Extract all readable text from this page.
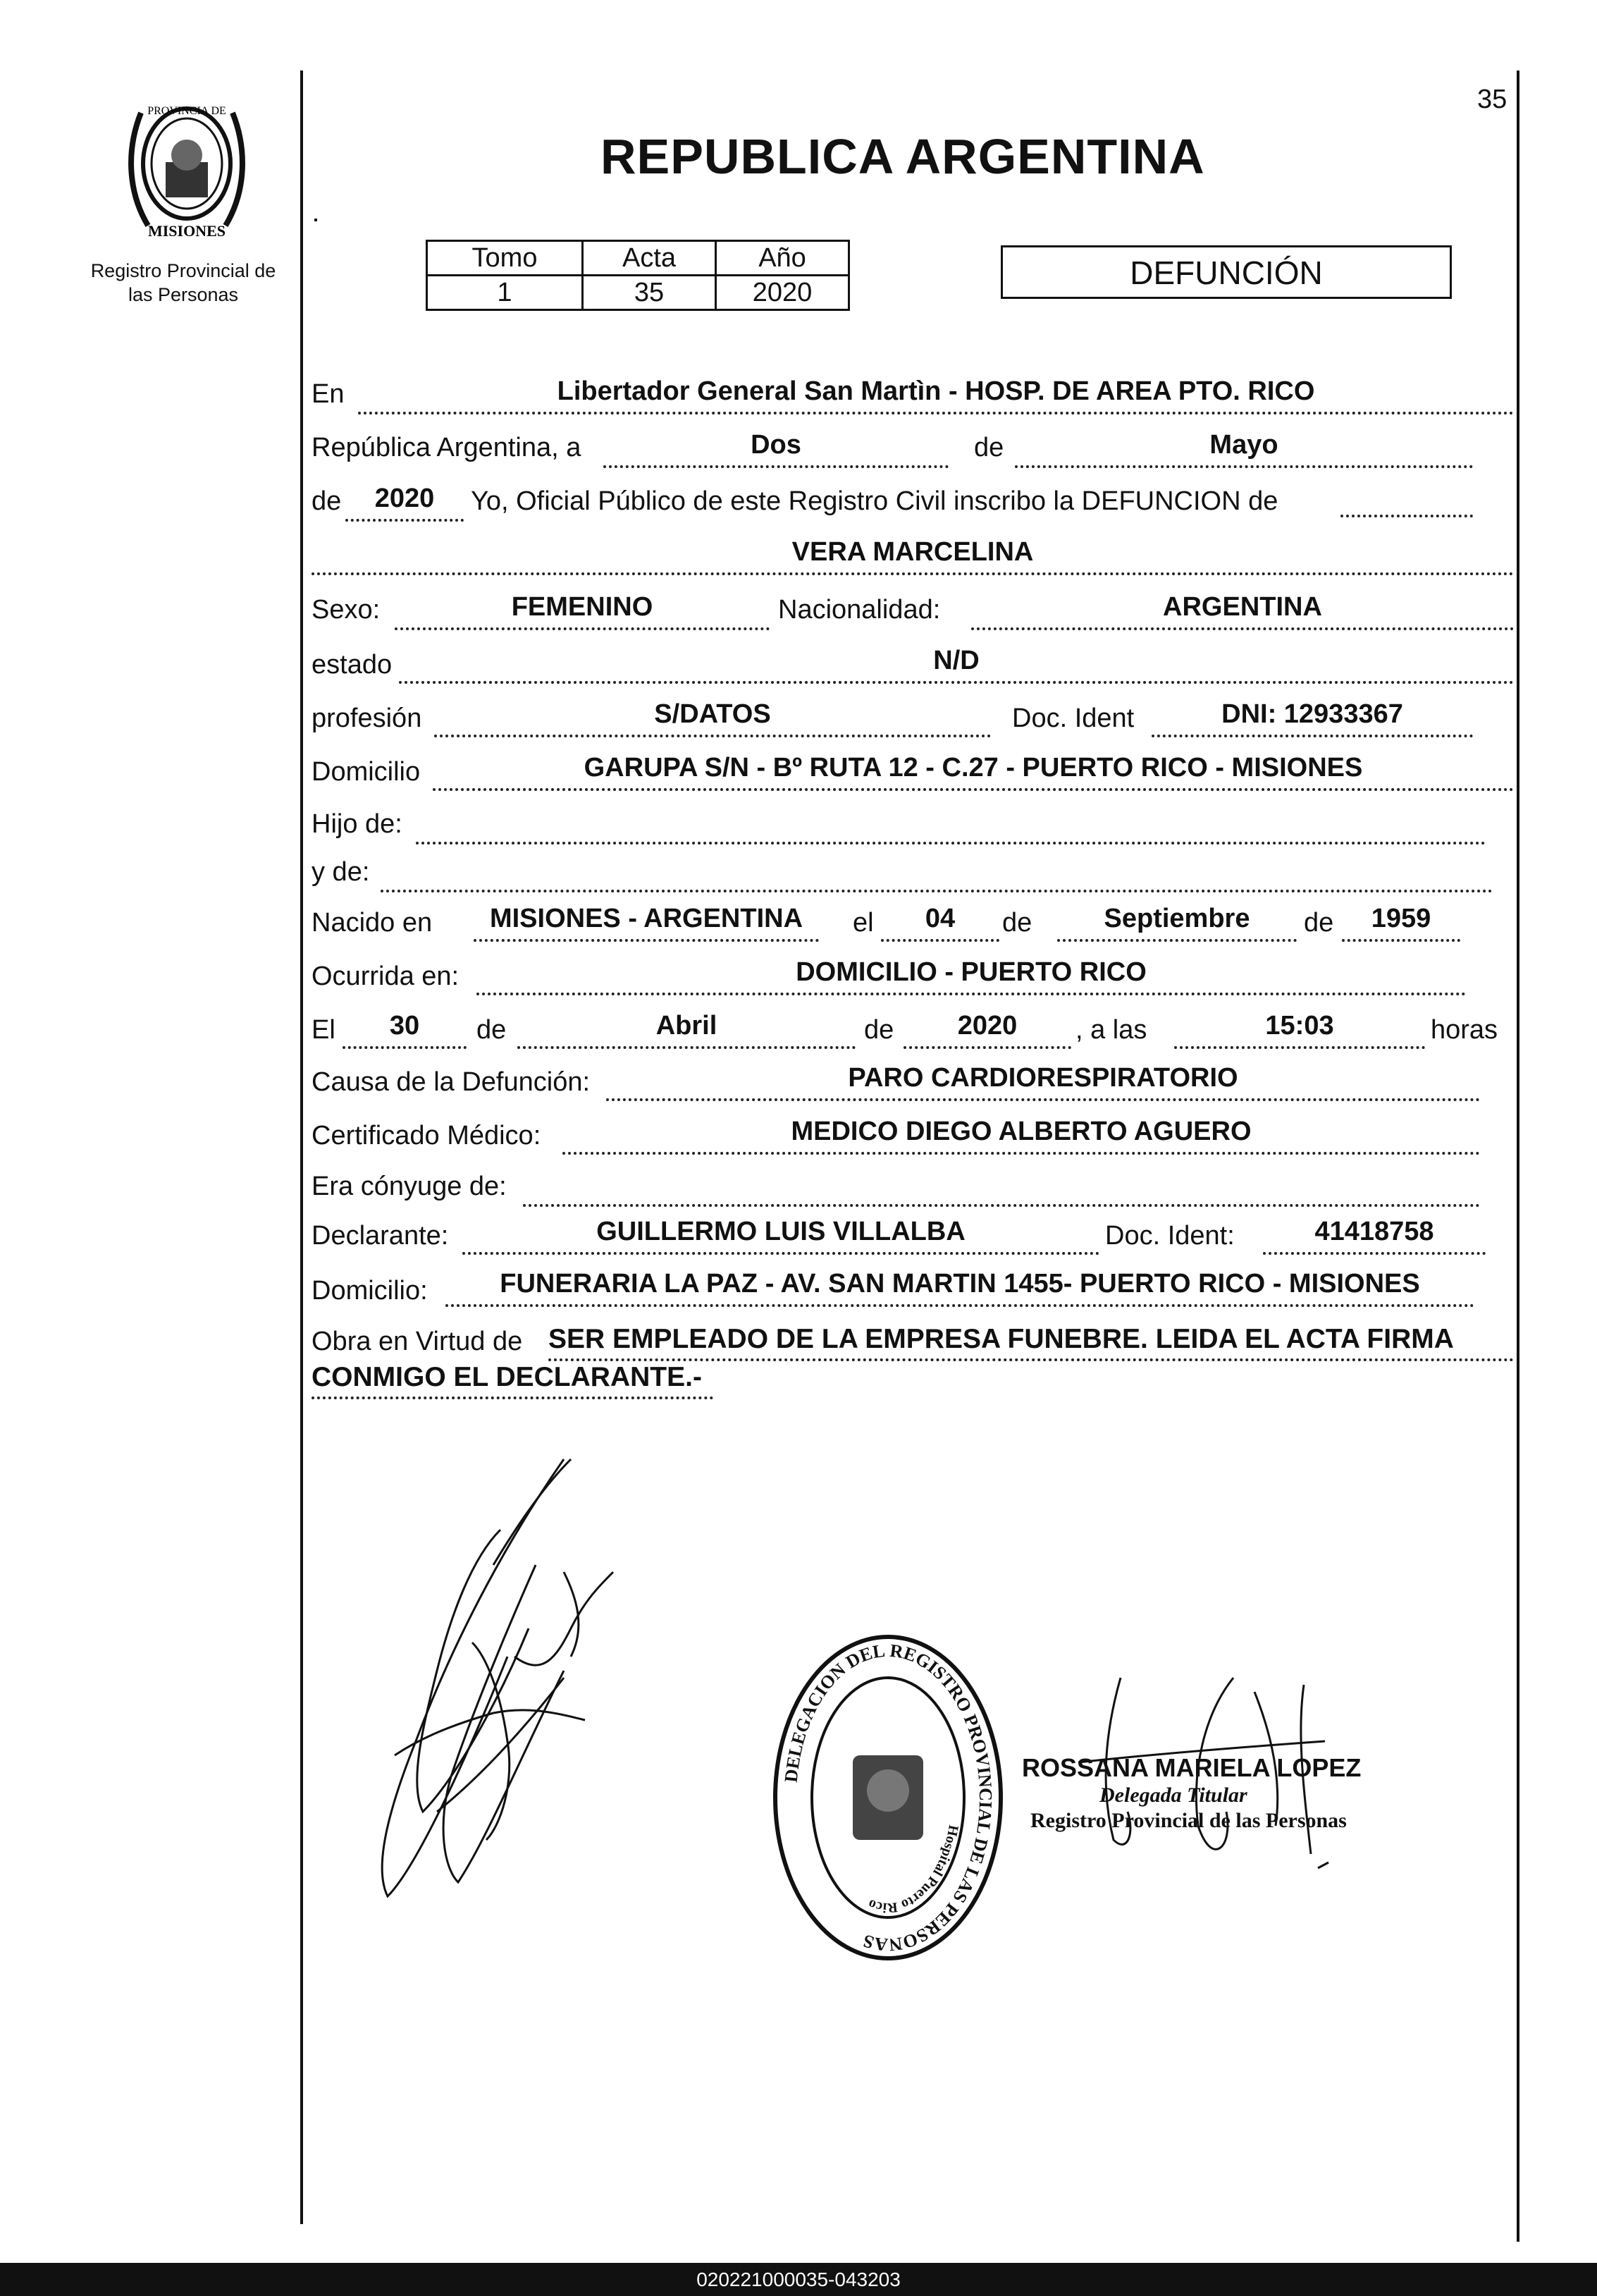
35
PROVINCIA DE
MISIONES
Registro Provincial de
las Personas
REPUBLICA ARGENTINA
Tomo	Acta	Año
1	35	2020
DEFUNCIÓN
En	Libertador General San Martìn - HOSP. DE AREA PTO. RICO
República Argentina, a	Dos	de	Mayo
de	2020	Yo, Oficial Público de este Registro Civil inscribo la DEFUNCION de
VERA MARCELINA
Sexo:	FEMENINO	Nacionalidad:	ARGENTINA
estado	N/D
profesión	S/DATOS	Doc. Ident	DNI: 12933367
Domicilio	GARUPA S/N - Bº RUTA 12 - C.27 - PUERTO RICO - MISIONES
Hijo de:
y de:
Nacido en	MISIONES - ARGENTINA	el	04	de	Septiembre	de	1959
Ocurrida en:	DOMICILIO - PUERTO RICO
El	30	de	Abril	de	2020	, a las	15:03	horas
Causa de la Defunción:	PARO CARDIORESPIRATORIO
Certificado Médico:	MEDICO DIEGO ALBERTO AGUERO
Era cónyuge de:
Declarante:	GUILLERMO LUIS VILLALBA	Doc. Ident:	41418758
Domicilio:	FUNERARIA LA PAZ - AV. SAN MARTIN 1455- PUERTO RICO - MISIONES
Obra en Virtud de SER EMPLEADO DE LA EMPRESA FUNEBRE. LEIDA EL ACTA FIRMA
CONMIGO EL DECLARANTE.-
DELEGACION DEL REGISTRO PROVINCIAL DE LAS PERSONAS
Hospital Puerto Rico
ROSSANA MARIELA LOPEZ
Delegada Titular
Registro Provincial de las Personas
020221000035-043203
